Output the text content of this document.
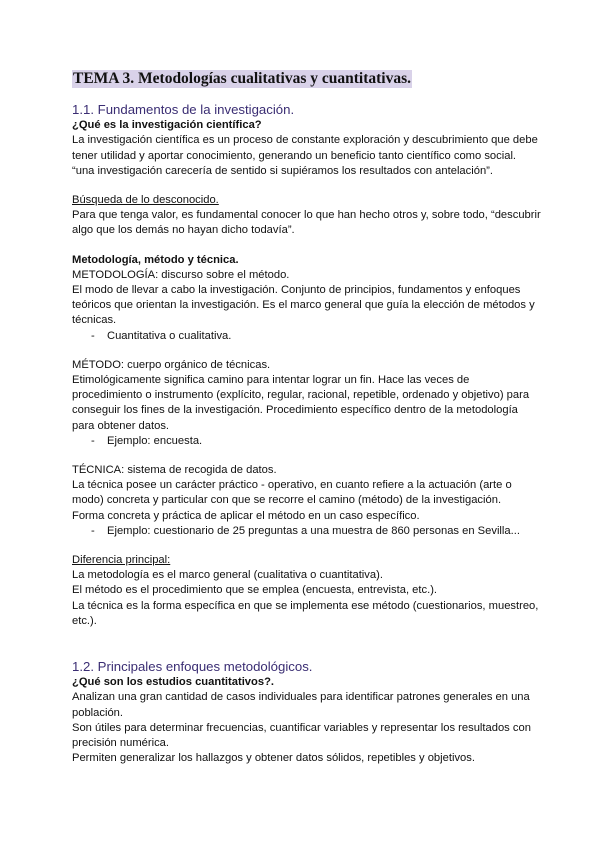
TEMA 3. Metodologías cualitativas y cuantitativas.
1.1. Fundamentos de la investigación.

¿Qué es la investigación científica?

La investigación científica es un proceso de constante exploración y descubrimiento que debe tener utilidad y aportar conocimiento, generando un beneficio tanto científico como social.

“una investigación carecería de sentido si supiéramos los resultados con antelación”.

Búsqueda de lo desconocido.

Para que tenga valor, es fundamental conocer lo que han hecho otros y, sobre todo, “descubrir algo que los demás no hayan dicho todavía”.

Metodología, método y técnica.

METODOLOGÍA: discurso sobre el método.

El modo de llevar a cabo la investigación. Conjunto de principios, fundamentos y enfoques teóricos que orientan la investigación. Es el marco general que guía la elección de métodos y técnicas.

- Cuantitativa o cualitativa.

MÉTODO: cuerpo orgánico de técnicas.

Etimológicamente significa camino para intentar lograr un fin. Hace las veces de procedimiento o instrumento (explícito, regular, racional, repetible, ordenado y objetivo) para conseguir los fines de la investigación. Procedimiento específico dentro de la metodología para obtener datos.

- Ejemplo: encuesta.

TÉCNICA: sistema de recogida de datos.

La técnica posee un carácter práctico - operativo, en cuanto refiere a la actuación (arte o modo) concreta y particular con que se recorre el camino (método) de la investigación.

Forma concreta y práctica de aplicar el método en un caso específico.

- Ejemplo: cuestionario de 25 preguntas a una muestra de 860 personas en Sevilla...

Diferencia principal:

La metodología es el marco general (cualitativa o cuantitativa).

El método es el procedimiento que se emplea (encuesta, entrevista, etc.).

La técnica es la forma específica en que se implementa ese método (cuestionarios, muestreo, etc.).

1.2. Principales enfoques metodológicos.

¿Qué son los estudios cuantitativos?.

Analizan una gran cantidad de casos individuales para identificar patrones generales en una población.

Son útiles para determinar frecuencias, cuantificar variables y representar los resultados con precisión numérica.

Permiten generalizar los hallazgos y obtener datos sólidos, repetibles y objetivos.
